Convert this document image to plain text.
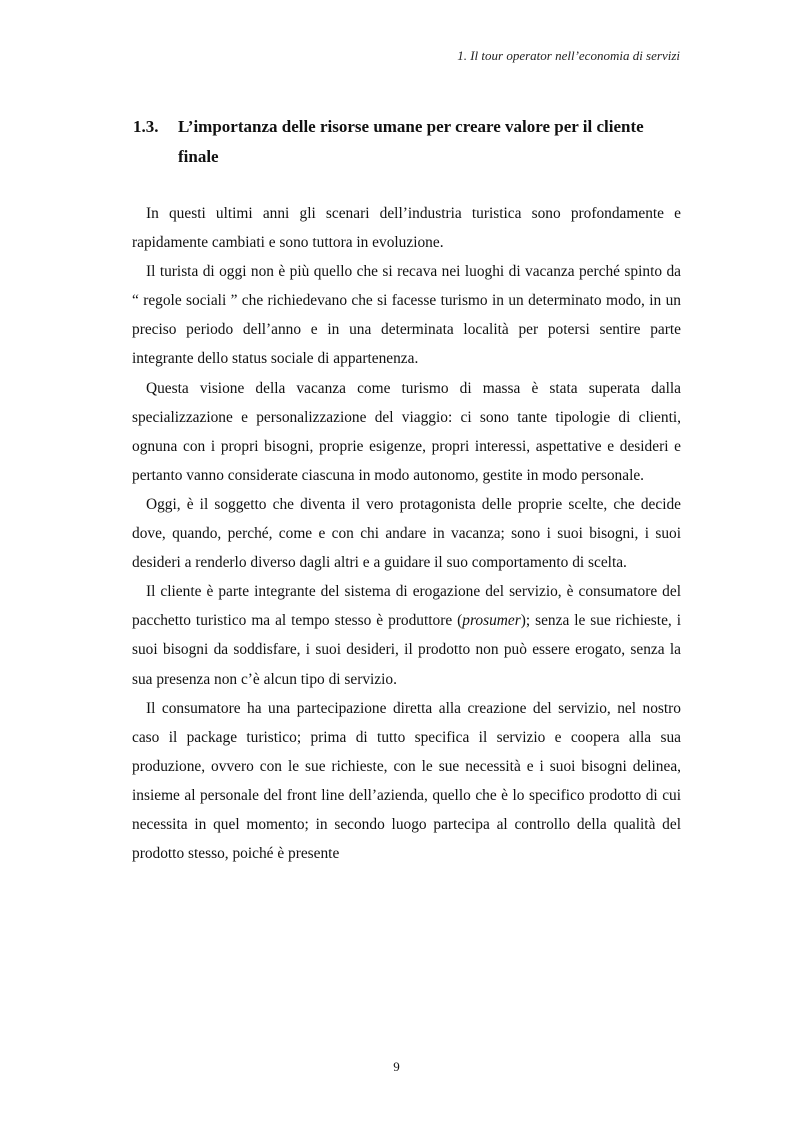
1. Il tour operator nell’economia di servizi
1.3. L’importanza delle risorse umane per creare valore per il cliente finale

In questi ultimi anni gli scenari dell’industria turistica sono profondamente e rapidamente cambiati e sono tuttora in evoluzione.

Il turista di oggi non è più quello che si recava nei luoghi di vacanza perché spinto da “ regole sociali ” che richiedevano che si facesse turismo in un determinato modo, in un preciso periodo dell’anno e in una determinata località per potersi sentire parte integrante dello status sociale di appartenenza.

Questa visione della vacanza come turismo di massa è stata superata dalla specializzazione e personalizzazione del viaggio: ci sono tante tipologie di clienti, ognuna con i propri bisogni, proprie esigenze, propri interessi, aspettative e desideri e pertanto vanno considerate ciascuna in modo autonomo, gestite in modo personale.

Oggi, è il soggetto che diventa il vero protagonista delle proprie scelte, che decide dove, quando, perché, come e con chi andare in vacanza; sono i suoi bisogni, i suoi desideri a renderlo diverso dagli altri e a guidare il suo comportamento di scelta.

Il cliente è parte integrante del sistema di erogazione del servizio, è consumatore del pacchetto turistico ma al tempo stesso è produttore (prosumer); senza le sue richieste, i suoi bisogni da soddisfare, i suoi desideri, il prodotto non può essere erogato, senza la sua presenza non c’è alcun tipo di servizio.

Il consumatore ha una partecipazione diretta alla creazione del servizio, nel nostro caso il package turistico; prima di tutto specifica il servizio e coopera alla sua produzione, ovvero con le sue richieste, con le sue necessità e i suoi bisogni delinea, insieme al personale del front line dell’azienda, quello che è lo specifico prodotto di cui necessita in quel momento; in secondo luogo partecipa al controllo della qualità del prodotto stesso, poiché è presente

9
